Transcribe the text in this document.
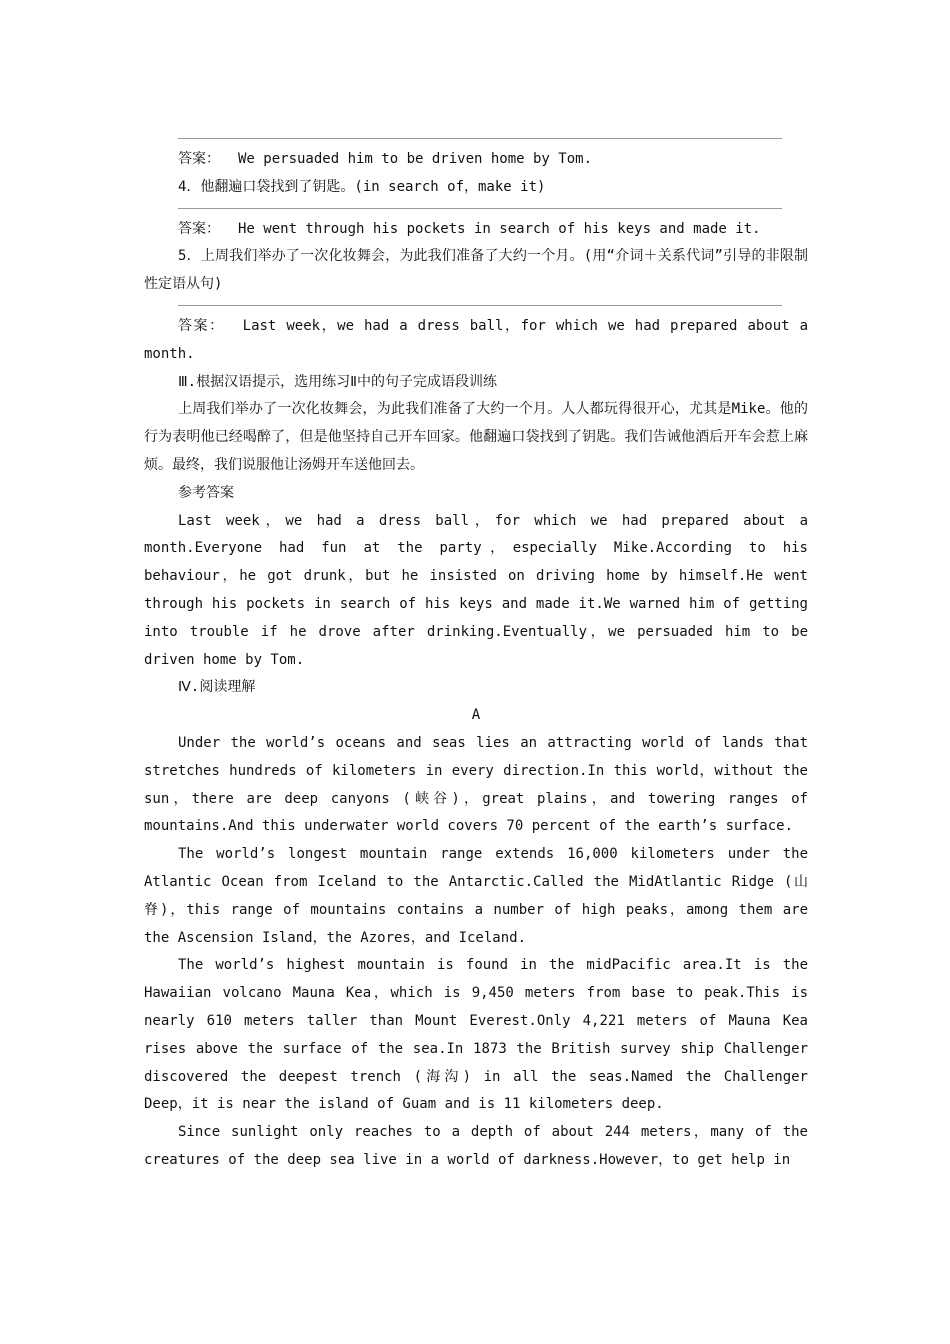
答案： We persuaded him to be driven home by Tom.
4．他翻遍口袋找到了钥匙。(in search of，make it)
答案： He went through his pockets in search of his keys and made it.
5．上周我们举办了一次化妆舞会，为此我们准备了大约一个月。(用“介词＋关系代词”引导的非限制性定语从句)
答案： Last week，we had a dress ball，for which we had prepared about a month.
Ⅲ.根据汉语提示，选用练习Ⅱ中的句子完成语段训练
上周我们举办了一次化妆舞会，为此我们准备了大约一个月。人人都玩得很开心，尤其是Mike。他的行为表明他已经喝醉了，但是他坚持自己开车回家。他翻遍口袋找到了钥匙。我们告诫他酒后开车会惹上麻烦。最终，我们说服他让汤姆开车送他回去。
参考答案
Last week，we had a dress ball，for which we had prepared about a month.Everyone had fun at the party，especially Mike.According to his behaviour，he got drunk，but he insisted on driving home by himself.He went through his pockets in search of his keys and made it.We warned him of getting into trouble if he drove after drinking.Eventually，we persuaded him to be driven home by Tom.
Ⅳ.阅读理解
A
Under the world’s oceans and seas lies an attracting world of lands that stretches hundreds of kilometers in every direction.In this world，without the sun，there are deep canyons (峡谷)，great plains，and towering ranges of mountains.And this underwater world covers 70 percent of the earth’s surface.
The world’s longest mountain range extends 16,000 kilometers under the Atlantic Ocean from Iceland to the Antarctic.Called the MidAtlantic Ridge (山脊)，this range of mountains contains a number of high peaks，among them are the Ascension Island，the Azores，and Iceland.
The world’s highest mountain is found in the midPacific area.It is the Hawaiian volcano Mauna Kea，which is 9,450 meters from base to peak.This is nearly 610 meters taller than Mount Everest.Only 4,221 meters of Mauna Kea rises above the surface of the sea.In 1873 the British survey ship Challenger discovered the deepest trench (海沟) in all the seas.Named the Challenger Deep，it is near the island of Guam and is 11 kilometers deep.
Since sunlight only reaches to a depth of about 244 meters，many of the creatures of the deep sea live in a world of darkness.However，to get help in
